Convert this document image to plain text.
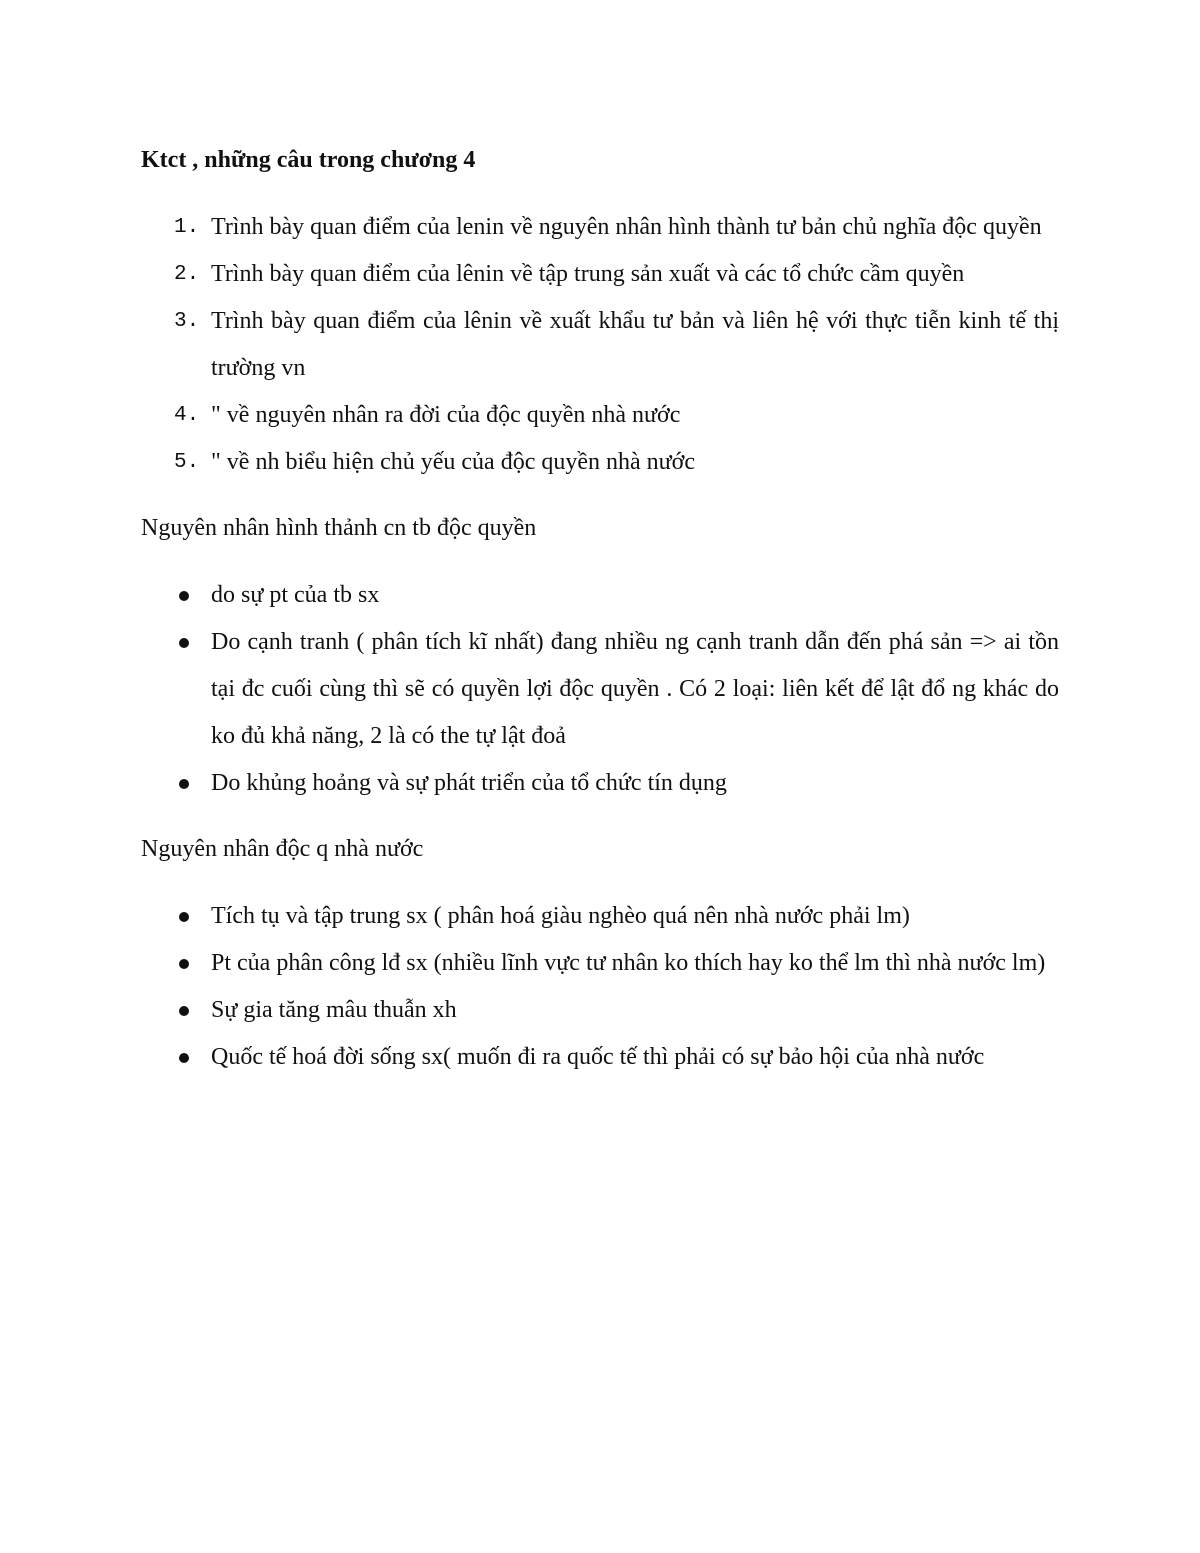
Ktct , những câu trong chương 4

1. Trình bày quan điểm của lenin về nguyên nhân hình thành tư bản chủ nghĩa độc quyền
2. Trình bày quan điểm của lênin về tập trung sản xuất và các tổ chức cầm quyền
3. Trình bày quan điểm của lênin về xuất khẩu tư bản và liên hệ với thực tiễn kinh tế thị trường vn
4. " về nguyên nhân ra đời của độc quyền nhà nước
5. " về nh biểu hiện chủ yếu của độc quyền nhà nước

Nguyên nhân hình thảnh cn tb độc quyền

do sự pt của tb sx
Do cạnh tranh ( phân tích kĩ nhất) đang nhiều ng cạnh tranh dẫn đến phá sản => ai tồn tại đc cuối cùng thì sẽ có quyền lợi độc quyền . Có 2 loại: liên kết để lật đổ ng khác do ko đủ khả năng, 2 là có the tự lật đoả
Do khủng hoảng và sự phát triển của tổ chức tín dụng

Nguyên nhân độc q nhà nước

Tích tụ và tập trung sx ( phân hoá giàu nghèo quá nên nhà nước phải lm)
Pt của phân công lđ sx (nhiều lĩnh vực tư nhân ko thích hay ko thể lm thì nhà nước lm)
Sự gia tăng mâu thuẫn xh
Quốc tế hoá đời sống sx( muốn đi ra quốc tế thì phải có sự bảo hội của nhà nước
